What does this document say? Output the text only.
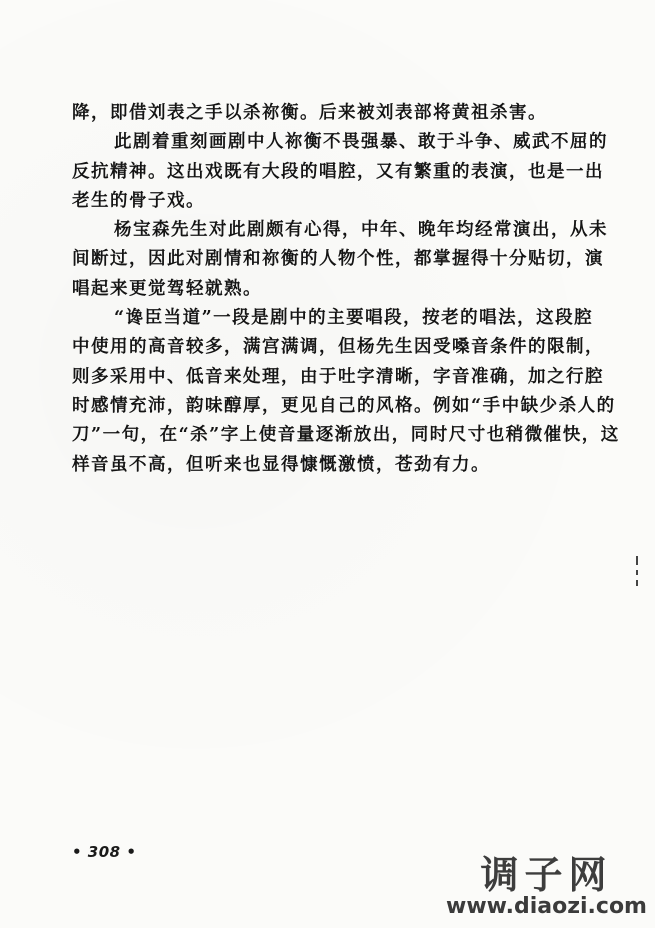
降，即借刘表之手以杀祢衡。后来被刘表部将黄祖杀害。
此剧着重刻画剧中人祢衡不畏强暴、敢于斗争、威武不屈的
反抗精神。这出戏既有大段的唱腔，又有繁重的表演，也是一出
老生的骨子戏。
杨宝森先生对此剧颇有心得，中年、晚年均经常演出，从未
间断过，因此对剧情和祢衡的人物个性，都掌握得十分贴切，演
唱起来更觉驾轻就熟。
“谗臣当道”一段是剧中的主要唱段，按老的唱法，这段腔
中使用的高音较多，满宫满调，但杨先生因受嗓音条件的限制，
则多采用中、低音来处理，由于吐字清晰，字音准确，加之行腔
时感情充沛，韵味醇厚，更见自己的风格。例如“手中缺少杀人的
刀”一句，在“杀”字上使音量逐渐放出，同时尺寸也稍微催快，这
样音虽不高，但听来也显得慷慨激愤，苍劲有力。
• 308 •
调子网
www.diaozi.com
